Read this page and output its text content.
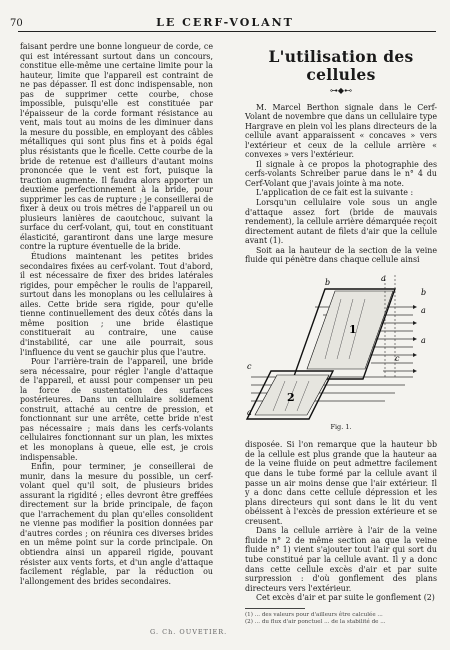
70	LE CERF-VOLANT

faisant perdre une bonne longueur de corde, ce qui est intéressant surtout dans un concours, constitue elle-même une certaine limite pour la hauteur, limite que l'appareil est contraint de ne pas dépasser. Il est donc indispensable, non pas de supprimer cette courbe, chose impossible, puisqu'elle est constituée par l'épaisseur de la corde formant résistance au vent, mais tout au moins de les diminuer dans la mesure du possible, en employant des câbles métalliques qui sont plus fins et à poids égal plus résistants que le ficelle. Cette courbe de la bride de retenue est d'ailleurs d'autant moins prononcée que le vent est fort, puisque la traction augmente. Il faudra alors apporter un deuxième perfectionnement à la bride, pour supprimer les cas de rupture ; je conseillerai de fixer à deux ou trois mètres de l'appareil un ou plusieurs lanières de caoutchouc, suivant la surface du cerf-volant, qui, tout en constituant élasticité, garantiront dans une large mesure contre la rupture éventuelle de la bride.

Étudions maintenant les petites brides secondaires fixées au cerf-volant. Tout d'abord, il est nécessaire de fixer des brides latérales rigides, pour empêcher le roulis de l'appareil, surtout dans les monoplans ou les cellulaires à ailes. Cette bride sera rigide, pour qu'elle tienne continuellement des deux côtés dans la même position ; une bride élastique constituerait au contraire, une cause d'instabilité, car une aile pourrait, sous l'influence du vent se gauchir plus que l'autre.

Pour l'arrière-train de l'appareil, une bride sera nécessaire, pour régler l'angle d'attaque de l'appareil, et aussi pour compenser un peu la force de sustentation des surfaces postérieures. Dans un cellulaire solidement construit, attaché au centre de pression, et fonctionnant sur une arrête, cette bride n'est pas nécessaire ; mais dans les cerfs-volants cellulaires fonctionnant sur un plan, les mixtes et les monoplans à queue, elle est, je crois indispensable.

Enfin, pour terminer, je conseillerai de munir, dans la mesure du possible, un cerf-volant quel qu'il soit, de plusieurs brides assurant la rigidité ; elles devront être greffées directement sur la bride principale, de façon que l'arrachement du plan qu'elles consolident ne vienne pas modifier la position données par d'autres cordes ; on réunira ces diverses brides en un même point sur la corde principale. On obtiendra ainsi un appareil rigide, pouvant résister aux vents forts, et d'un angle d'attaque facilement réglable, par la réduction ou l'allongement des brides secondaires.

L'utilisation des
cellules
⊶◆⊷

M. Marcel Berthon signale dans le Cerf-Volant de novembre que dans un cellulaire type Hargrave en plein vol les plans directeurs de la cellule avant apparaissent « concaves » vers l'extérieur et ceux de la cellule arrière « convexes » vers l'extérieur.

Il signale à ce propos la photographie des cerfs-volants Schreiber parue dans le n° 4 du Cerf-Volant que j'avais jointe à ma note.

L'application de ce fait est la suivante :

Lorsqu'un cellulaire vole sous un angle d'attaque assez fort (bride de mauvais rendement), la cellule arrière démarquée reçoit directement autant de filets d'air que la cellule avant (1).

Soit aa la hauteur de la section de la veine fluide qui pénètre dans chaque cellule ainsi

b	a
b
a
a
c
1
2
c
a
Fig. 1.

disposée. Si l'on remarque que la hauteur bb de la cellule est plus grande que la hauteur aa de la veine fluide on peut admettre facilement que dans le tube formé par la cellule avant il passe un air moins dense que l'air extérieur. Il y a donc dans cette cellule dépression et les plans directeurs qui sont dans le lit du vent obéissent à l'excès de pression extérieure et se creusent.

Dans la cellule arrière à l'air de la veine fluide n° 2 de même section aa que la veine fluide n° 1) vient s'ajouter tout l'air qui sort du tube constitué par la cellule avant. Il y a donc dans cette cellule excès d'air et par suite surpression : d'où gonflement des plans directeurs vers l'extérieur.

Cet excès d'air et par suite le gonflement (2)

(1) ... des valeurs pour d'ailleurs être calculée ...
(2) ... du flux d'air ponctuel ... de la stabilité de ...
G. Ch. OUVETIER.
